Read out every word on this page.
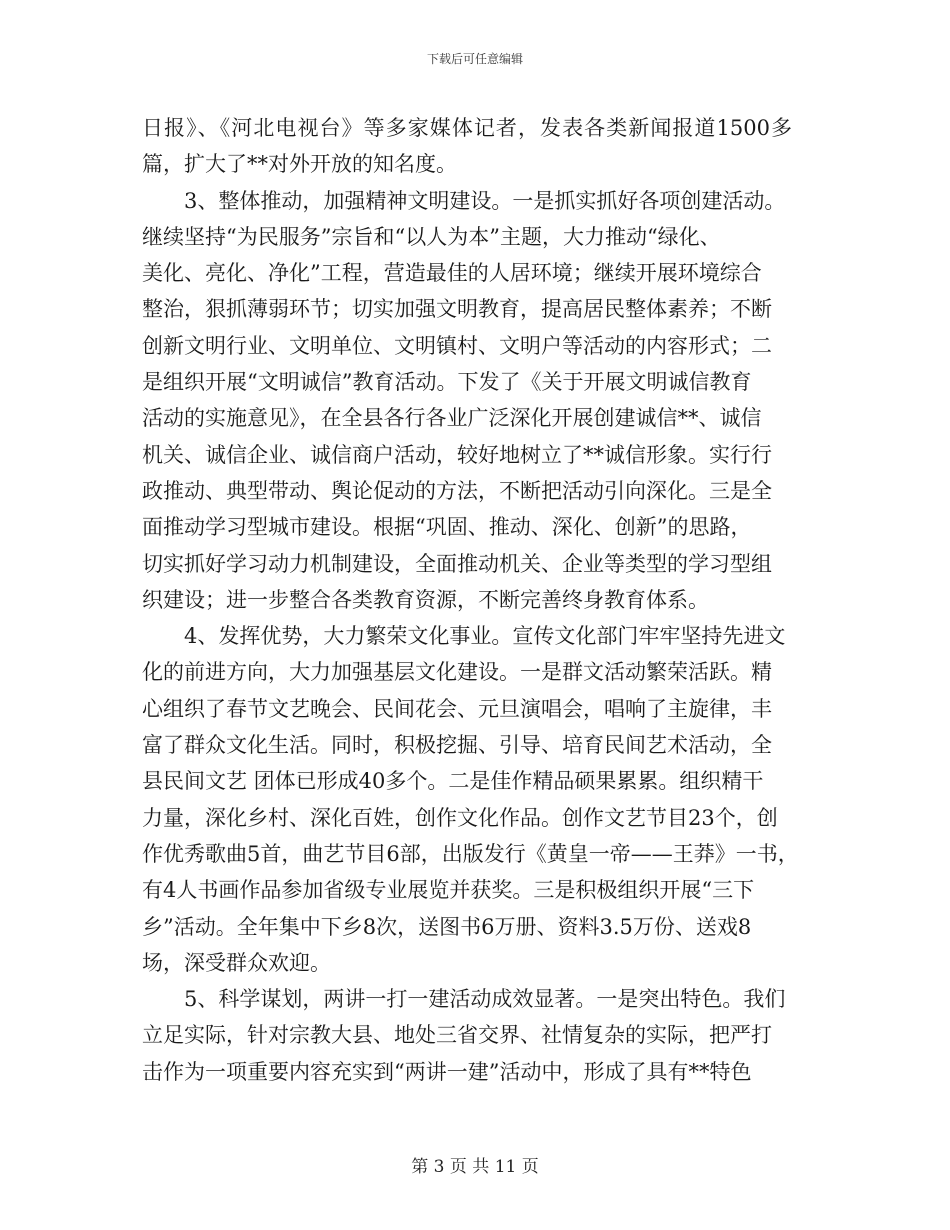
下载后可任意编辑
日报》、《河北电视台》等多家媒体记者，发表各类新闻报道1500多
篇，扩大了**对外开放的知名度。
3、整体推动，加强精神文明建设。一是抓实抓好各项创建活动。
继续坚持“为民服务”宗旨和“以人为本”主题，大力推动“绿化、
美化、亮化、净化”工程，营造最佳的人居环境；继续开展环境综合
整治，狠抓薄弱环节；切实加强文明教育，提高居民整体素养；不断
创新文明行业、文明单位、文明镇村、文明户等活动的内容形式；二
是组织开展“文明诚信”教育活动。下发了《关于开展文明诚信教育
活动的实施意见》，在全县各行各业广泛深化开展创建诚信**、诚信
机关、诚信企业、诚信商户活动，较好地树立了**诚信形象。实行行
政推动、典型带动、舆论促动的方法，不断把活动引向深化。三是全
面推动学习型城市建设。根据“巩固、推动、深化、创新”的思路，
切实抓好学习动力机制建设，全面推动机关、企业等类型的学习型组
织建设；进一步整合各类教育资源，不断完善终身教育体系。
4、发挥优势，大力繁荣文化事业。宣传文化部门牢牢坚持先进文
化的前进方向，大力加强基层文化建设。一是群文活动繁荣活跃。精
心组织了春节文艺晚会、民间花会、元旦演唱会，唱响了主旋律，丰
富了群众文化生活。同时，积极挖掘、引导、培育民间艺术活动，全
县民间文艺 团体已形成40多个。二是佳作精品硕果累累。组织精干
力量，深化乡村、深化百姓，创作文化作品。创作文艺节目23个，创
作优秀歌曲5首，曲艺节目6部，出版发行《黄皇一帝——王莽》一书，
有4人书画作品参加省级专业展览并获奖。三是积极组织开展“三下
乡”活动。全年集中下乡8次，送图书6万册、资料3.5万份、送戏8
场，深受群众欢迎。
5、科学谋划，两讲一打一建活动成效显著。一是突出特色。我们
立足实际，针对宗教大县、地处三省交界、社情复杂的实际，把严打
击作为一项重要内容充实到“两讲一建”活动中，形成了具有**特色
第 3 页 共 11 页
